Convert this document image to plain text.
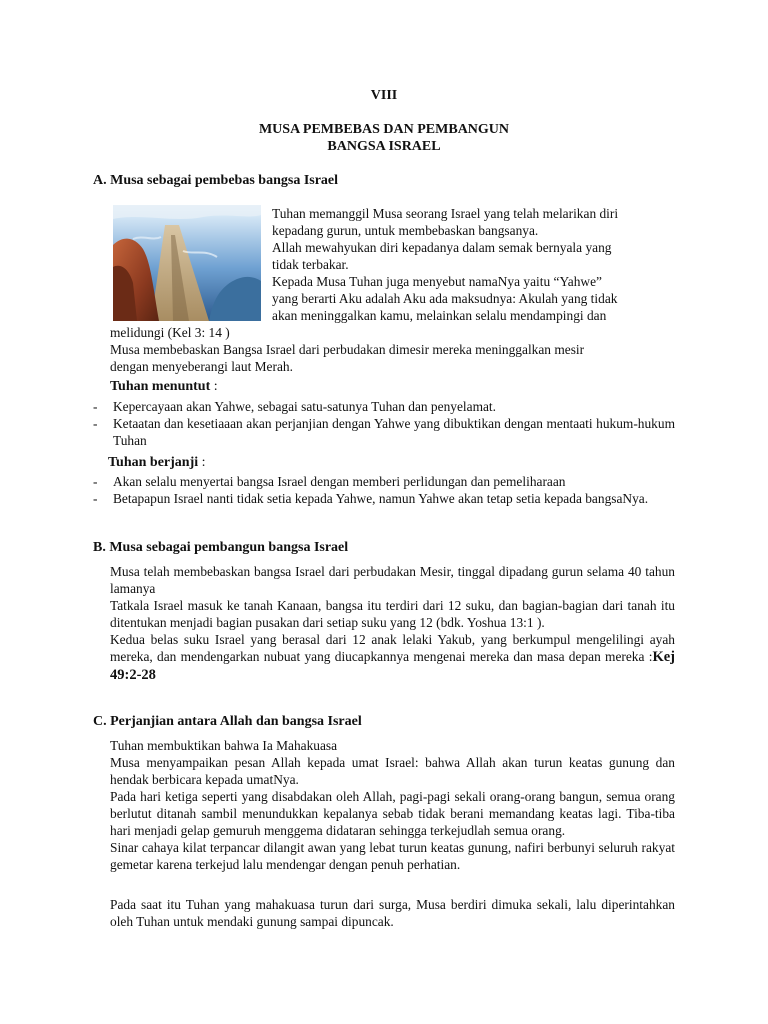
VIII
MUSA PEMBEBAS DAN PEMBANGUN
BANGSA ISRAEL
A. Musa sebagai pembebas bangsa Israel
Tuhan memanggil Musa seorang Israel yang telah melarikan diri
kepadang gurun, untuk membebaskan bangsanya.
Allah mewahyukan diri kepadanya dalam semak bernyala yang
tidak terbakar.
Kepada Musa Tuhan juga menyebut namaNya yaitu “Yahwe”
yang berarti Aku adalah Aku ada maksudnya: Akulah yang tidak
akan meninggalkan kamu, melainkan selalu mendampingi dan
melidungi (Kel 3: 14 )
Musa membebaskan Bangsa Israel dari perbudakan dimesir mereka meninggalkan mesir
dengan menyeberangi laut Merah.
Tuhan menuntut :
- Kepercayaan akan Yahwe, sebagai satu-satunya Tuhan dan penyelamat.
- Ketaatan dan kesetiaaan akan perjanjian dengan Yahwe yang dibuktikan dengan mentaati hukum-hukum Tuhan
Tuhan berjanji :
- Akan selalu menyertai bangsa Israel dengan memberi perlidungan dan pemeliharaan
- Betapapun Israel nanti tidak setia kepada Yahwe, namun Yahwe akan tetap setia kepada bangsaNya.
B. Musa sebagai pembangun bangsa Israel
Musa telah membebaskan bangsa Israel dari perbudakan Mesir, tinggal dipadang gurun selama 40 tahun lamanya
Tatkala Israel masuk ke tanah Kanaan, bangsa itu terdiri dari 12 suku, dan bagian-bagian dari tanah itu ditentukan menjadi bagian pusakan dari setiap suku yang 12 (bdk. Yoshua 13:1 ).
Kedua belas suku Israel yang berasal dari 12 anak lelaki Yakub, yang berkumpul mengelilingi ayah mereka, dan mendengarkan nubuat yang diucapkannya mengenai mereka dan masa depan mereka :Kej 49:2-28
C. Perjanjian antara Allah dan bangsa Israel
Tuhan membuktikan bahwa Ia Mahakuasa
Musa menyampaikan pesan Allah kepada umat Israel: bahwa Allah akan turun keatas gunung dan hendak berbicara kepada umatNya.
Pada hari ketiga seperti yang disabdakan oleh Allah, pagi-pagi sekali orang-orang bangun, semua orang berlutut ditanah sambil menundukkan kepalanya sebab tidak berani memandang keatas lagi. Tiba-tiba hari menjadi gelap gemuruh menggema didataran sehingga terkejudlah semua orang.
Sinar cahaya kilat terpancar dilangit awan yang lebat turun keatas gunung, nafiri berbunyi seluruh rakyat gemetar karena terkejud lalu mendengar dengan penuh perhatian.
Pada saat itu Tuhan yang mahakuasa turun dari surga, Musa berdiri dimuka sekali, lalu diperintahkan oleh Tuhan untuk mendaki gunung sampai dipuncak.
